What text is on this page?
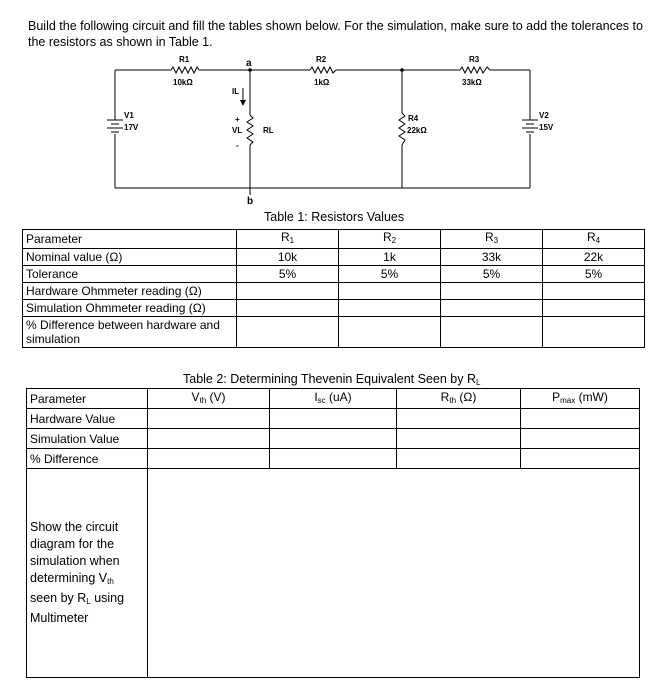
Build the following circuit and fill the tables shown below. For the simulation, make sure to add the tolerances to the resistors as shown in Table 1.
R1
10kΩ
R2
1kΩ
R3
33kΩ
R4
22kΩ
V1
17V
V2
15V
RL
IL
VL
+
-
a
b
Table 1: Resistors Values
Parameter	$R_1$	$R_2$	$R_3$	$R_4$
Nominal value (Ω)	10k	1k	33k	22k
Tolerance	5%	5%	5%	5%
Hardware Ohmmeter reading (Ω)				
Simulation Ohmmeter reading (Ω)				
% Difference between hardware and simulation				
Table 2: Determining Thevenin Equivalent Seen by $R_L$
Parameter	$V_{th}$ (V)	$I_{sc}$ (uA)	$R_{th}$ (Ω)	$P_{max}$ (mW)
Hardware Value				
Simulation Value				
% Difference				
Show the circuit diagram for the simulation when determining $V_{th}$ seen by $R_L$ using Multimeter				
